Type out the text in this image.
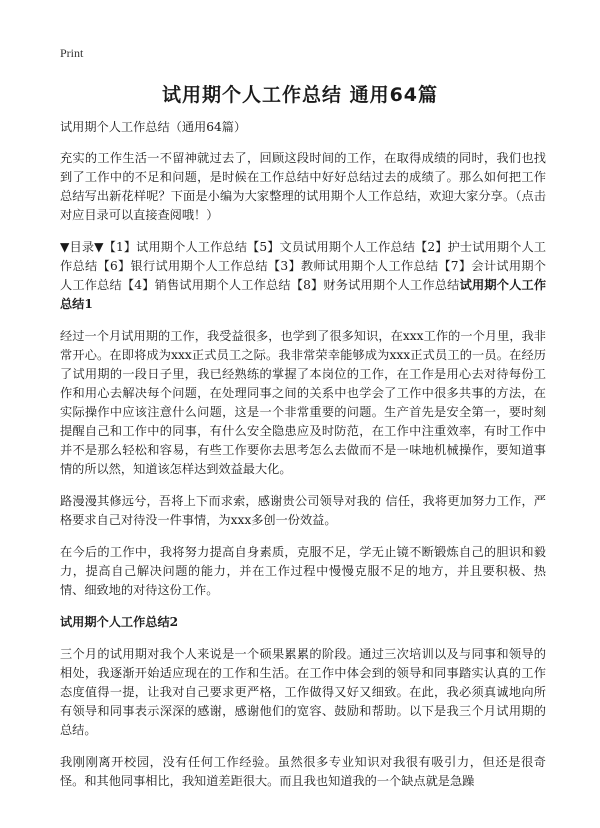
Print
试用期个人工作总结 通用64篇

试用期个人工作总结（通用64篇）

充实的工作生活一不留神就过去了，回顾这段时间的工作，在取得成绩的同时，我们也找到了工作中的不足和问题，是时候在工作总结中好好总结过去的成绩了。那么如何把工作总结写出新花样呢？下面是小编为大家整理的试用期个人工作总结，欢迎大家分享。（点击对应目录可以直接查阅哦！）

▼目录▼【1】试用期个人工作总结【5】文员试用期个人工作总结【2】护士试用期个人工作总结【6】银行试用期个人工作总结【3】教师试用期个人工作总结【7】会计试用期个人工作总结【4】销售试用期个人工作总结【8】财务试用期个人工作总结试用期个人工作总结1

经过一个月试用期的工作，我受益很多，也学到了很多知识，在xxx工作的一个月里，我非常开心。在即将成为xxx正式员工之际。我非常荣幸能够成为xxx正式员工的一员。在经历了试用期的一段日子里，我已经熟练的掌握了本岗位的工作，在工作是用心去对待每份工作和用心去解决每个问题，在处理同事之间的关系中也学会了工作中很多共事的方法，在实际操作中应该注意什么问题，这是一个非常重要的问题。生产首先是安全第一，要时刻提醒自己和工作中的同事，有什么安全隐患应及时防范，在工作中注重效率，有时工作中并不是那么轻松和容易，有些工作要你去思考怎么去做而不是一味地机械操作，要知道事情的所以然，知道该怎样达到效益最大化。

路漫漫其修远兮，吾将上下而求索，感谢贵公司领导对我的 信任，我将更加努力工作，严格要求自己对待没一件事情，为xxx多创一份效益。

在今后的工作中，我将努力提高自身素质，克服不足，学无止镜不断锻炼自己的胆识和毅力，提高自己解决问题的能力，并在工作过程中慢慢克服不足的地方，并且要积极、热情、细致地的对待这份工作。

试用期个人工作总结2

三个月的试用期对我个人来说是一个硕果累累的阶段。通过三次培训以及与同事和领导的相处，我逐渐开始适应现在的工作和生活。在工作中体会到的领导和同事踏实认真的工作态度值得一提，让我对自己要求更严格，工作做得又好又细致。在此，我必须真诚地向所有领导和同事表示深深的感谢，感谢他们的宽容、鼓励和帮助。以下是我三个月试用期的总结。

我刚刚离开校园，没有任何工作经验。虽然很多专业知识对我很有吸引力，但还是很奇怪。和其他同事相比，我知道差距很大。而且我也知道我的一个缺点就是急躁
